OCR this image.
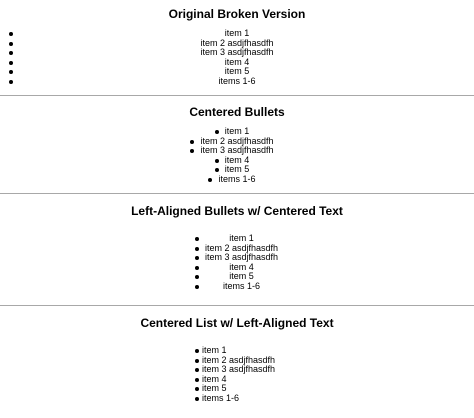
Original Broken Version
item 1
item 2 asdjfhasdfh
item 3 asdjfhasdfh
item 4
item 5
items 1-6
Centered Bullets
item 1
item 2 asdjfhasdfh
item 3 asdjfhasdfh
item 4
item 5
items 1-6
Left-Aligned Bullets w/ Centered Text
item 1
item 2 asdjfhasdfh
item 3 asdjfhasdfh
item 4
item 5
items 1-6
Centered List w/ Left-Aligned Text
item 1
item 2 asdjfhasdfh
item 3 asdjfhasdfh
item 4
item 5
items 1-6
